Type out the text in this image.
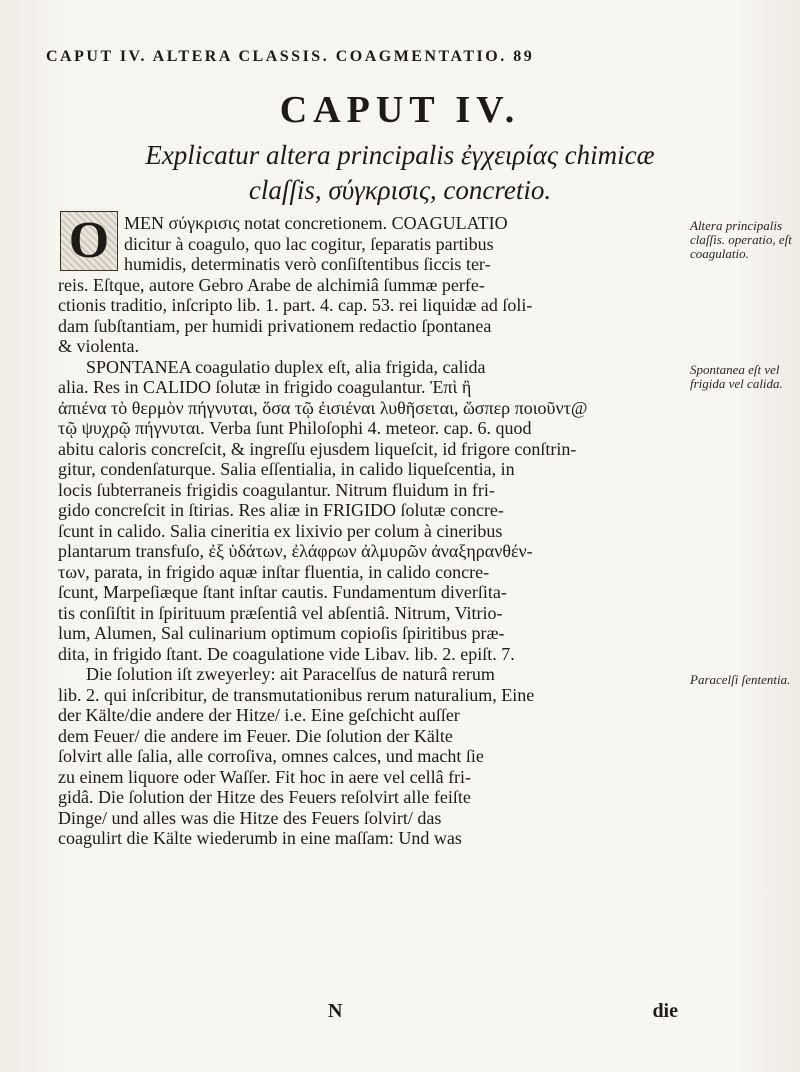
CAPUT IV. ALTERA CLASSIS. COAGMENTATIO. 89
CAPUT IV.
Explicatur altera principalis ἐγχειρίας chimicæ
claſſis, σύγκρισις, concretio.
O MEN σύγκρισις notat concretionem. COAGULATIO
dicitur à coagulo, quo lac cogitur, ſeparatis partibus
humidis, determinatis verò conſiſtentibus ſiccis ter-
reis. Eſtque, autore Gebro Arabe de alchimiâ ſummæ perfe-
ctionis traditio, inſcripto lib. 1. part. 4. cap. 53. rei liquidæ ad ſoli-
dam ſubſtantiam, per humidi privationem redactio ſpontanea
& violenta.

SPONTANEA coagulatio duplex eſt, alia frigida, calida
alia. Res in CALIDO ſolutæ in frigido coagulantur. Ἐπὶ ἢ
ἀπιένα τὸ θερμὸν πήγνυται, ὅσα τῷ ἐισιέναι λυθῆσεται, ὥσπερ ποιοῦντ@
τῷ ψυχρῷ πήγνυται. Verba ſunt Philoſophi 4. meteor. cap. 6. quod
abitu caloris concreſcit, & ingreſſu ejusdem liqueſcit, id frigore conſtrin-
gitur, condenſaturque. Salia eſſentialia, in calido liqueſcentia, in
locis ſubterraneis frigidis coagulantur. Nitrum fluidum in fri-
gido concreſcit in ſtirias. Res aliæ in FRIGIDO ſolutæ concre-
ſcunt in calido. Salia cineritia ex lixivio per colum à cineribus
plantarum transfuſo, ἐξ ὑδάτων, ἐλάφρων ἀλμυρῶν ἀναξηρανθέν-
των, parata, in frigido aquæ inſtar fluentia, in calido concre-
ſcunt, Marpeſiæque ſtant inſtar cautis. Fundamentum diverſita-
tis conſiſtit in ſpirituum præſentiâ vel abſentiâ. Nitrum, Vitrio-
lum, Alumen, Sal culinarium optimum copioſis ſpiritibus præ-
dita, in frigido ſtant. De coagulatione vide Libav. lib. 2. epiſt. 7.

Die ſolution iſt zweyerley: ait Paracelſus de naturâ rerum
lib. 2. qui inſcribitur, de transmutationibus rerum naturalium, Eine
der Kälte/die andere der Hitze/ i.e. Eine geſchicht auſſer
dem Feuer/ die andere im Feuer. Die ſolution der Kälte
ſolvirt alle ſalia, alle corroſiva, omnes calces, und macht ſie
zu einem liquore oder Waſſer. Fit hoc in aere vel cellâ fri-
gidâ. Die ſolution der Hitze des Feuers reſolvirt alle feiſte
Dinge/ und alles was die Hitze des Feuers ſolvirt/ das
coagulirt die Kälte wiederumb in eine maſſam: Und was

Altera principalis claſſis. operatio, eſt coagulatio.
Spontanea eſt vel frigida vel calida.
Paracelſi ſententia.
N	die
